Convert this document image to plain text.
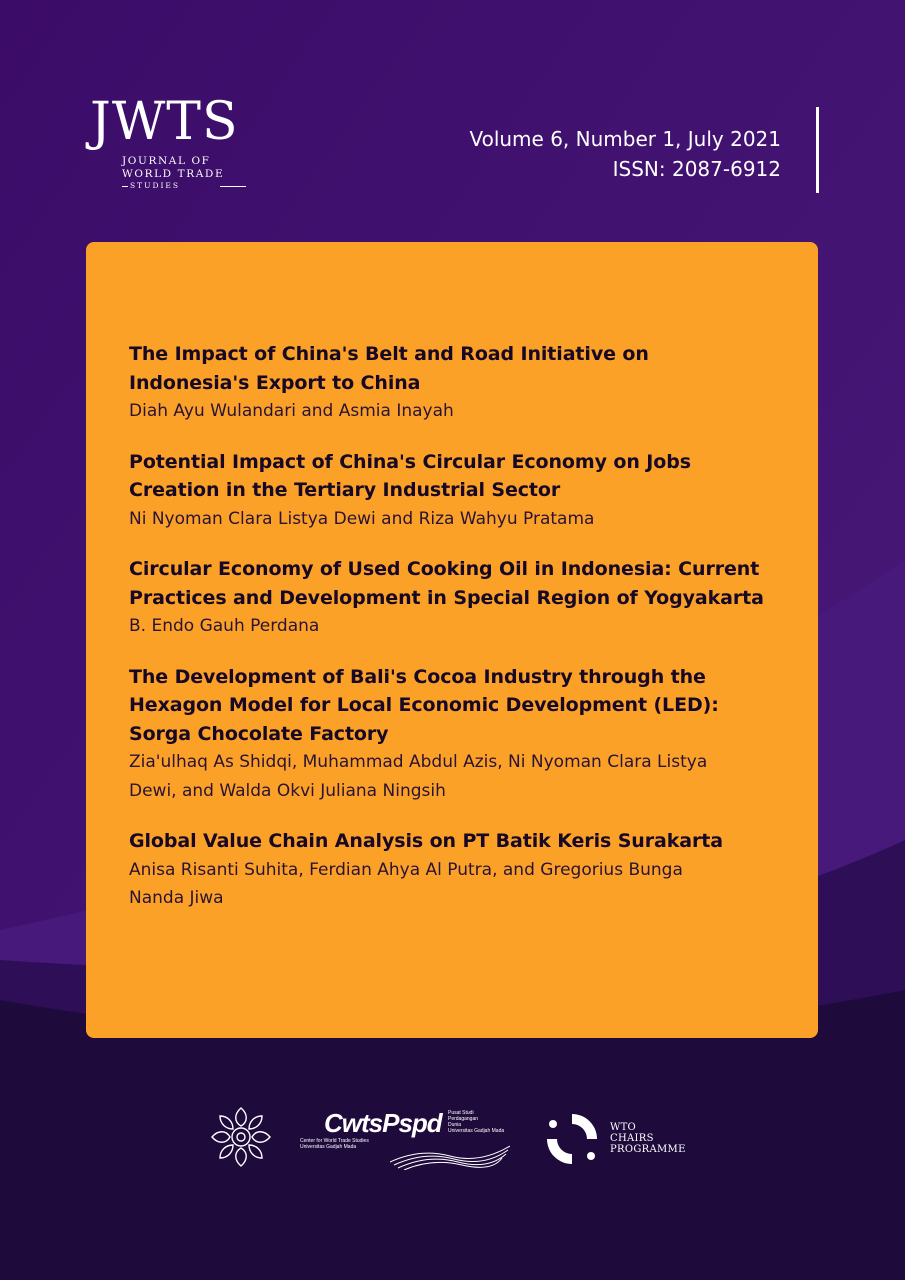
JWTS
JOURNAL OF
WORLD TRADE
STUDIES
Volume 6, Number 1, July 2021
ISSN: 2087-6912
The Impact of China's Belt and Road Initiative on
Indonesia's Export to China
Diah Ayu Wulandari and Asmia Inayah
Potential Impact of China's Circular Economy on Jobs
Creation in the Tertiary Industrial Sector
Ni Nyoman Clara Listya Dewi and Riza Wahyu Pratama
Circular Economy of Used Cooking Oil in Indonesia: Current
Practices and Development in Special Region of Yogyakarta
B. Endo Gauh Perdana
The Development of Bali's Cocoa Industry through the
Hexagon Model for Local Economic Development (LED):
Sorga Chocolate Factory
Zia'ulhaq As Shidqi, Muhammad Abdul Azis, Ni Nyoman Clara Listya
Dewi, and Walda Okvi Juliana Ningsih
Global Value Chain Analysis on PT Batik Keris Surakarta
Anisa Risanti Suhita, Ferdian Ahya Al Putra, and Gregorius Bunga
Nanda Jiwa
CwtsPspd
Center for World Trade Studies
Universitas Gadjah Mada
Pusat Studi
Perdagangan
Dunia
Universitas Gadjah Mada	WTO
CHAIRS
PROGRAMME
